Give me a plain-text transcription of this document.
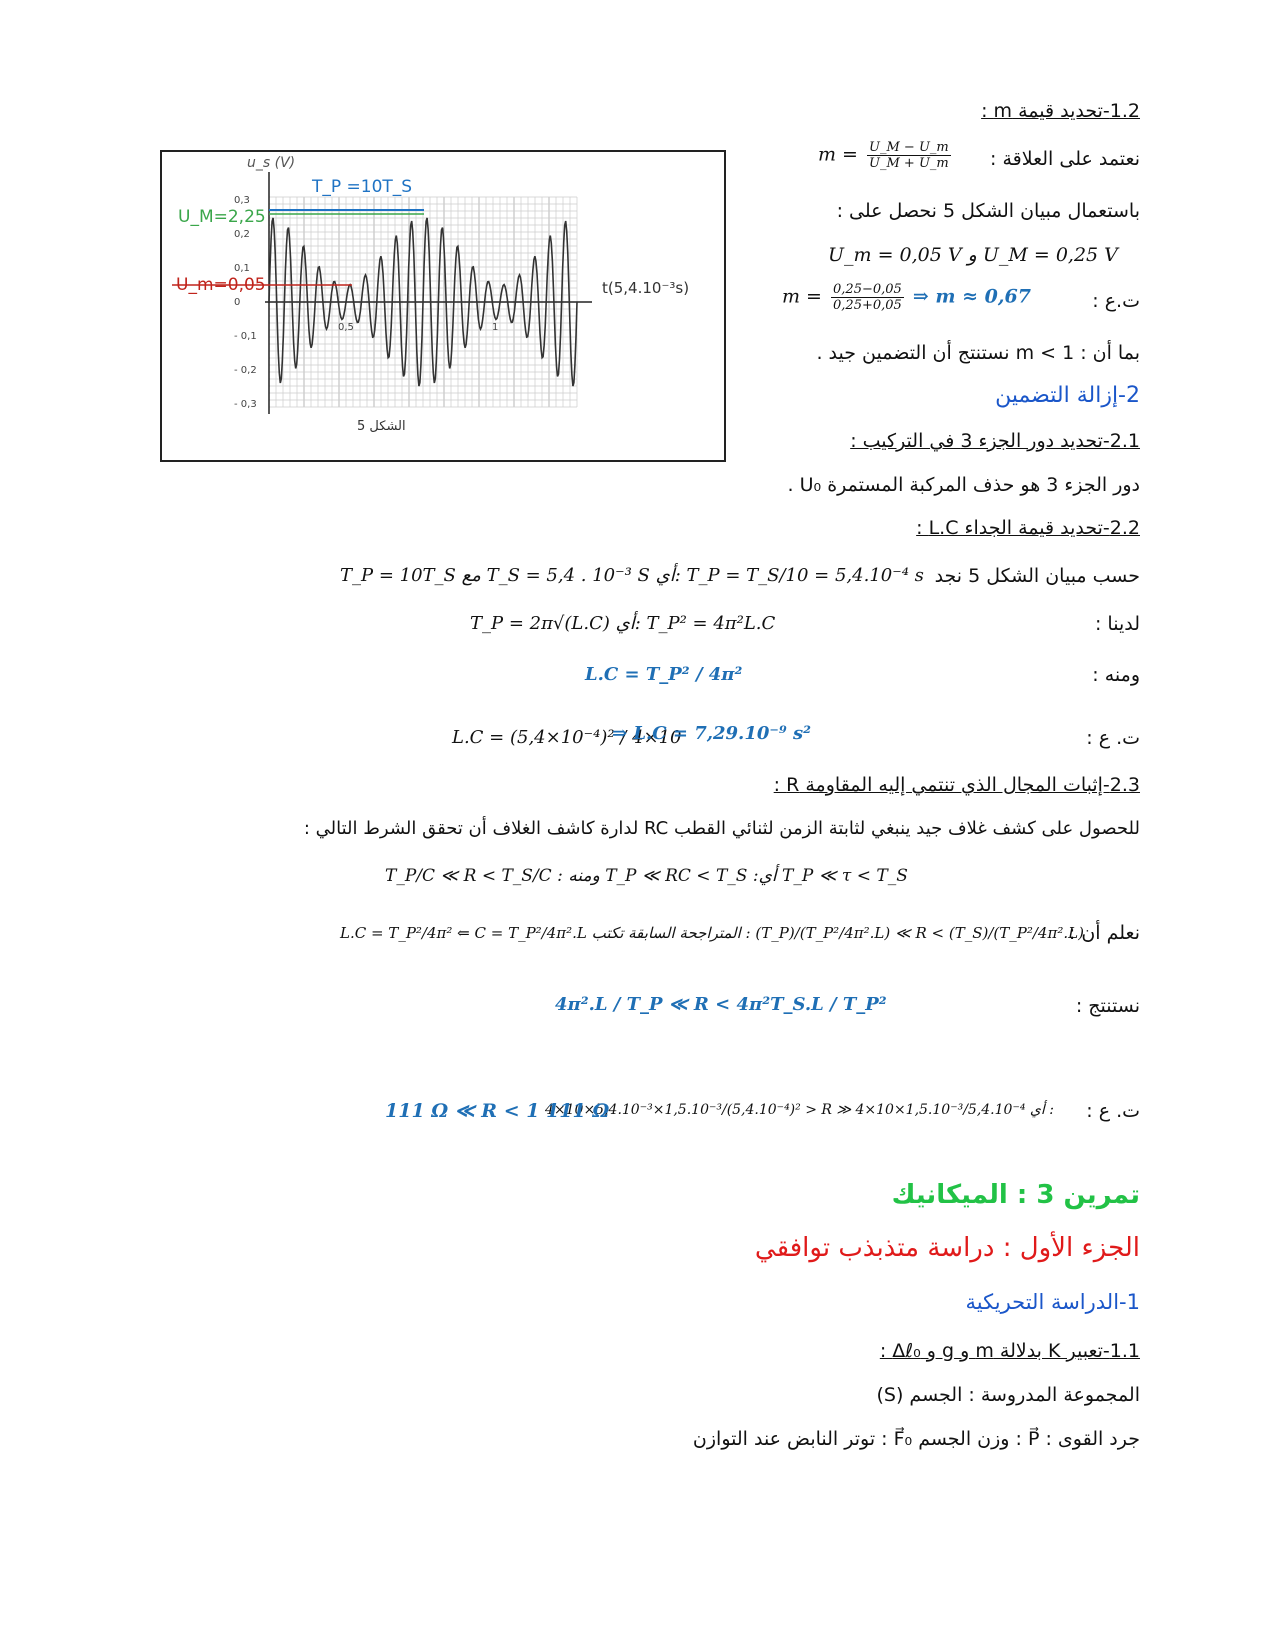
u_s (V)
T_P =10T_S
U_M=2,25
U_m=0,05	t(5,4.10⁻³s)
الشكل 5
0,3
0,2
0,1
0
- 0,1
- 0,2
- 0,3
0,5	1
1.2-تحديد قيمة m :
نعتمد على العلاقة :
$m = \frac{U\_M - U\_m}{U\_M + U\_m}$
باستعمال مبيان الشكل 5 نحصل على :
U_m = 0,05 V و U_M = 0,25 V
ت.ع :
$m = \frac{0,25-0,05}{0,25+0,05}$ ⇒ m ≈ 0,67
بما أن : m < 1 نستنتج أن التضمين جيد .
2-إزالة التضمين
2.1-تحديد دور الجزء 3 في التركيب :
دور الجزء 3 هو حذف المركبة المستمرة U₀ .
2.2-تحديد قيمة الجداء L.C :
حسب مبيان الشكل 5 نجد
T_P = 10T_S مع T_S = 5,4 . 10⁻³ S أي: T_P = T_S/10 = 5,4.10⁻⁴ s
لدينا :
T_P = 2π√(L.C) أي: T_P² = 4π²L.C
ومنه :
L.C = T_P² / 4π²
ت. ع :
L.C = (5,4×10⁻⁴)² / 4×10
⇒ L.C = 7,29.10⁻⁹ s²
2.3-إثبات المجال الذي تنتمي إليه المقاومة R :
للحصول على كشف غلاف جيد ينبغي لثابتة الزمن لثنائي القطب RC لدارة كاشف الغلاف أن تحقق الشرط التالي :
T_P ≪ τ < T_S أي: T_P ≪ RC < T_S ومنه : T_P/C ≪ R < T_S/C
نعلم أن :
L.C = T_P²/4π² ⇐ C = T_P²/4π².L المتراجحة السابقة تكتب : (T_P)/(T_P²/4π².L) ≪ R < (T_S)/(T_P²/4π².L)
نستنتج :
4π².L / T_P ≪ R < 4π²T_S.L / T_P²
ت. ع :
4×10×5,4.10⁻³×1,5.10⁻³/(5,4.10⁻⁴)² > R ≫ 4×10×1,5.10⁻³/5,4.10⁻⁴ أي :
111 Ω ≪ R < 1 111 Ω
تمرين 3 : الميكانيك
الجزء الأول : دراسة متذبذب توافقي
1-الدراسة التحريكية
1.1-تعبير K بدلالة m و g و Δℓ₀ :
المجموعة المدروسة : الجسم (S)
جرد القوى : P⃗ : وزن الجسم F⃗₀ : توتر النابض عند التوازن
